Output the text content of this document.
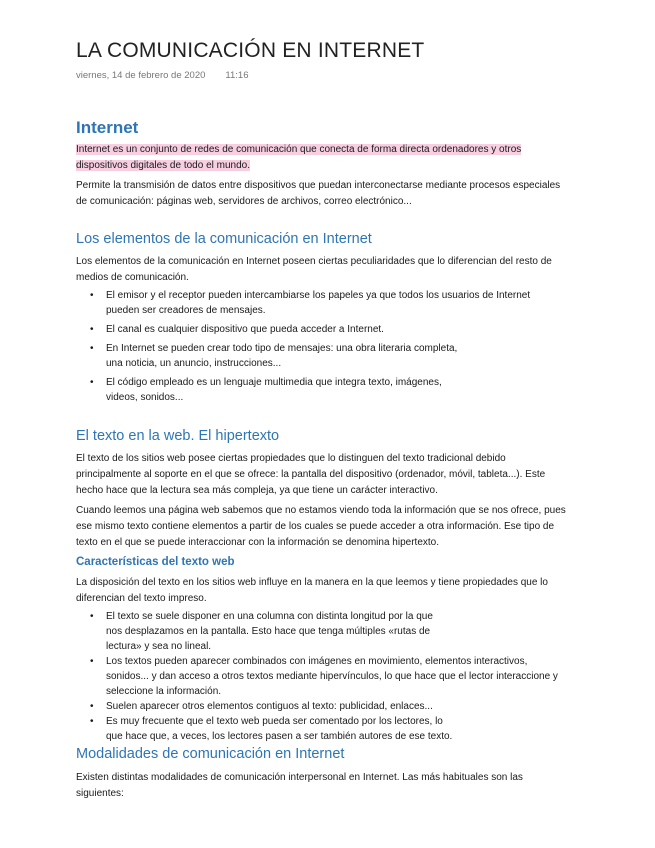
LA COMUNICACIÓN EN INTERNET
viernes, 14 de febrero de 2020 11:16
Internet
Internet es un conjunto de redes de comunicación que conecta de forma directa ordenadores y otros
dispositivos digitales de todo el mundo.
Permite la transmisión de datos entre dispositivos que puedan interconectarse mediante procesos especiales
de comunicación: páginas web, servidores de archivos, correo electrónico...
Los elementos de la comunicación en Internet
Los elementos de la comunicación en Internet poseen ciertas peculiaridades que lo diferencian del resto de
medios de comunicación.
• El emisor y el receptor pueden intercambiarse los papeles ya que todos los usuarios de Internet
pueden ser creadores de mensajes.
• El canal es cualquier dispositivo que pueda acceder a Internet.
• En Internet se pueden crear todo tipo de mensajes: una obra literaria completa,
una noticia, un anuncio, instrucciones...
• El código empleado es un lenguaje multimedia que integra texto, imágenes,
videos, sonidos...
El texto en la web. El hipertexto
El texto de los sitios web posee ciertas propiedades que lo distinguen del texto tradicional debido
principalmente al soporte en el que se ofrece: la pantalla del dispositivo (ordenador, móvil, tableta...). Este
hecho hace que la lectura sea más compleja, ya que tiene un carácter interactivo.
Cuando leemos una página web sabemos que no estamos viendo toda la información que se nos ofrece, pues
ese mismo texto contiene elementos a partir de los cuales se puede acceder a otra información. Ese tipo de
texto en el que se puede interaccionar con la información se denomina hipertexto.
Características del texto web
La disposición del texto en los sitios web influye en la manera en la que leemos y tiene propiedades que lo
diferencian del texto impreso.
• El texto se suele disponer en una columna con distinta longitud por la que
nos desplazamos en la pantalla. Esto hace que tenga múltiples «rutas de
lectura» y sea no lineal.
• Los textos pueden aparecer combinados con imágenes en movimiento, elementos interactivos,
sonidos... y dan acceso a otros textos mediante hipervínculos, lo que hace que el lector interaccione y
seleccione la información.
• Suelen aparecer otros elementos contiguos al texto: publicidad, enlaces...
• Es muy frecuente que el texto web pueda ser comentado por los lectores, lo
que hace que, a veces, los lectores pasen a ser también autores de ese texto.
Modalidades de comunicación en Internet
Existen distintas modalidades de comunicación interpersonal en Internet. Las más habituales son las
siguientes:
